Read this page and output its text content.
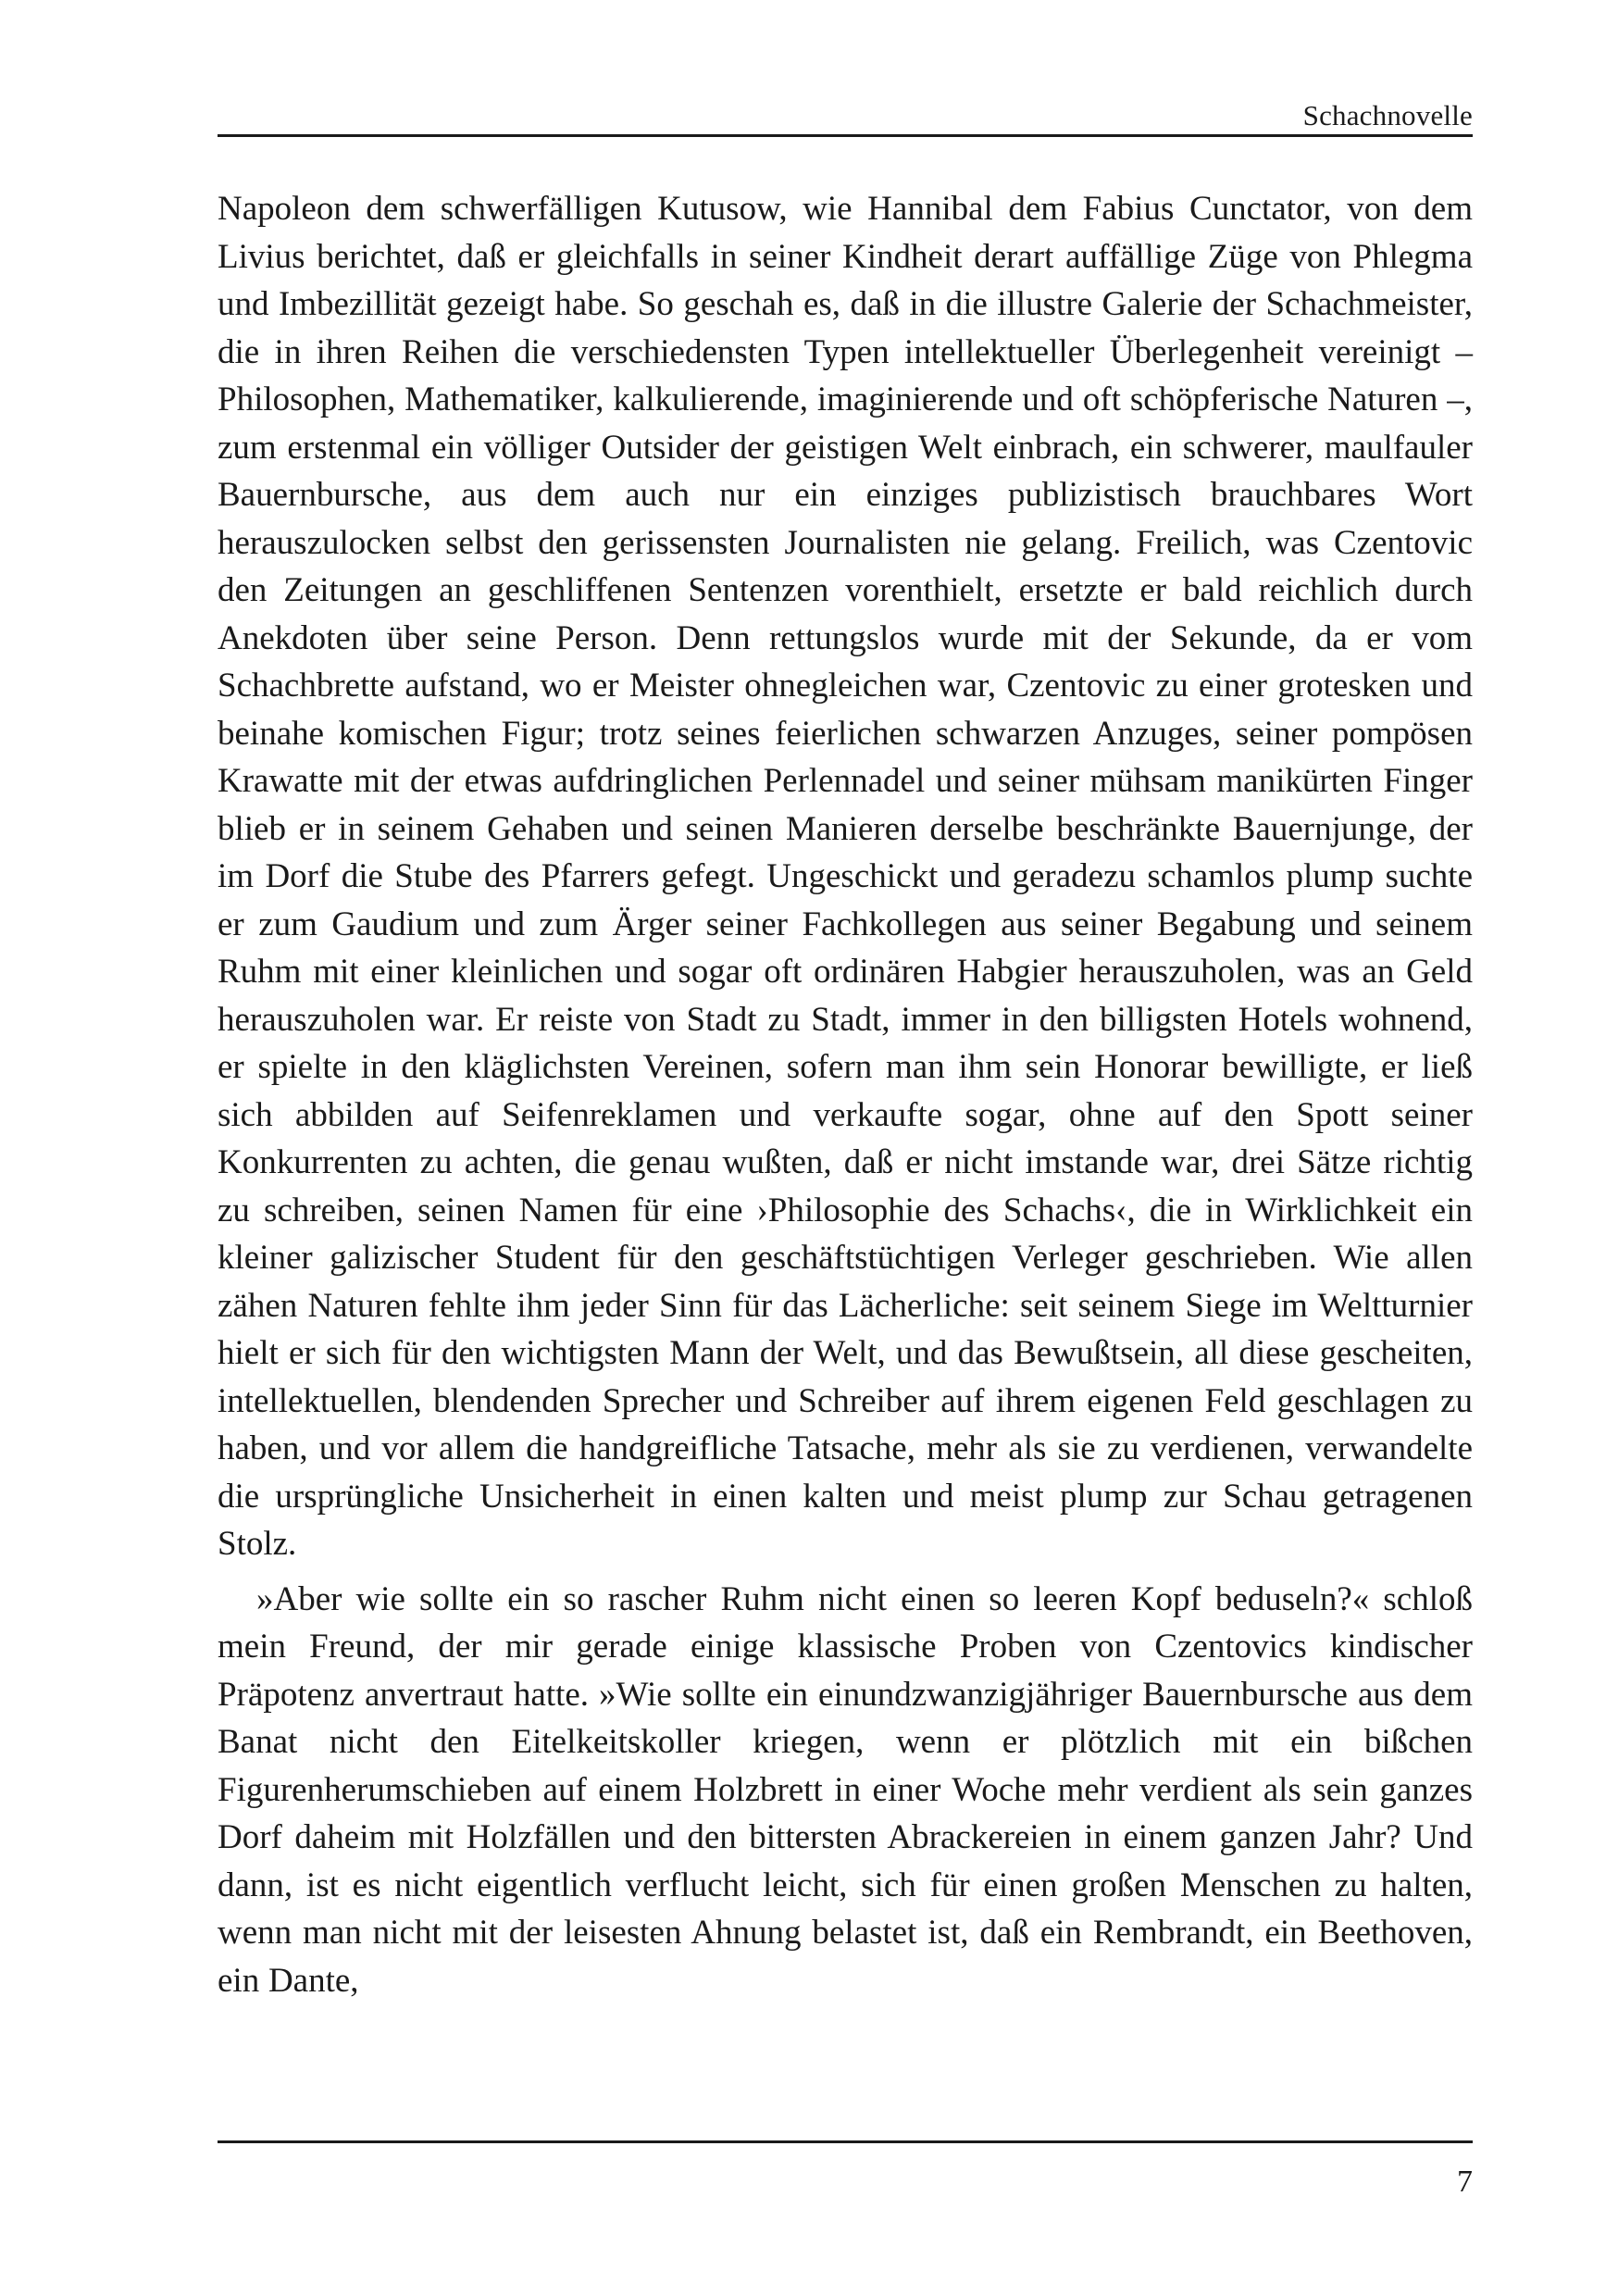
Schachnovelle

Napoleon dem schwerfälligen Kutusow, wie Hannibal dem Fabius Cunctator, von dem Livius berichtet, daß er gleichfalls in seiner Kindheit derart auffällige Züge von Phlegma und Imbezillität gezeigt habe. So geschah es, daß in die illustre Galerie der Schachmeister, die in ihren Reihen die verschiedensten Typen intellektueller Überlegenheit vereinigt – Philosophen, Mathematiker, kalkulierende, imaginierende und oft schöpferische Naturen –, zum erstenmal ein völliger Outsider der geistigen Welt einbrach, ein schwerer, maulfauler Bauernbursche, aus dem auch nur ein einziges publizistisch brauchbares Wort herauszulocken selbst den gerissensten Journalisten nie gelang. Freilich, was Czentovic den Zeitungen an geschliffenen Sentenzen vorenthielt, ersetzte er bald reichlich durch Anekdoten über seine Person. Denn rettungslos wurde mit der Sekunde, da er vom Schachbrette aufstand, wo er Meister ohnegleichen war, Czentovic zu einer grotesken und beinahe komischen Figur; trotz seines feierlichen schwarzen Anzuges, seiner pompösen Krawatte mit der etwas aufdringlichen Perlennadel und seiner mühsam manikürten Finger blieb er in seinem Gehaben und seinen Manieren derselbe beschränkte Bauernjunge, der im Dorf die Stube des Pfarrers gefegt. Ungeschickt und geradezu schamlos plump suchte er zum Gaudium und zum Ärger seiner Fachkollegen aus seiner Begabung und seinem Ruhm mit einer kleinlichen und sogar oft ordinären Habgier herauszuholen, was an Geld herauszuholen war. Er reiste von Stadt zu Stadt, immer in den billigsten Hotels wohnend, er spielte in den kläglichsten Vereinen, sofern man ihm sein Honorar bewilligte, er ließ sich abbilden auf Seifenreklamen und verkaufte sogar, ohne auf den Spott seiner Konkurrenten zu achten, die genau wußten, daß er nicht imstande war, drei Sätze richtig zu schreiben, seinen Namen für eine ›Philosophie des Schachs‹, die in Wirklichkeit ein kleiner galizischer Student für den geschäftstüchtigen Verleger geschrieben. Wie allen zähen Naturen fehlte ihm jeder Sinn für das Lächerliche: seit seinem Siege im Weltturnier hielt er sich für den wichtigsten Mann der Welt, und das Bewußtsein, all diese gescheiten, intellektuellen, blendenden Sprecher und Schreiber auf ihrem eigenen Feld geschlagen zu haben, und vor allem die handgreifliche Tatsache, mehr als sie zu verdienen, verwandelte die ursprüngliche Unsicherheit in einen kalten und meist plump zur Schau getragenen Stolz.

»Aber wie sollte ein so rascher Ruhm nicht einen so leeren Kopf beduseln?« schloß mein Freund, der mir gerade einige klassische Proben von Czentovics kindischer Präpotenz anvertraut hatte. »Wie sollte ein einundzwanzigjähriger Bauernbursche aus dem Banat nicht den Eitelkeitskoller kriegen, wenn er plötzlich mit ein bißchen Figurenherumschieben auf einem Holzbrett in einer Woche mehr verdient als sein ganzes Dorf daheim mit Holzfällen und den bittersten Abrackereien in einem ganzen Jahr? Und dann, ist es nicht eigentlich verflucht leicht, sich für einen großen Menschen zu halten, wenn man nicht mit der leisesten Ahnung belastet ist, daß ein Rembrandt, ein Beethoven, ein Dante,

7
